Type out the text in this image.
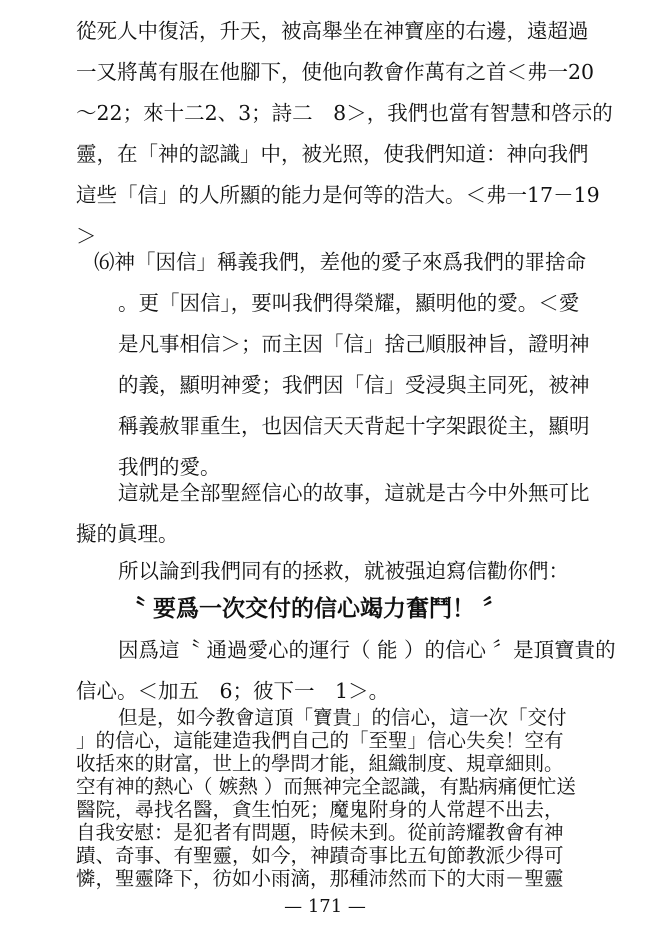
從死人中復活，升天，被高舉坐在神寶座的右邊，遠超過
一又將萬有服在他腳下，使他向教會作萬有之首＜弗一20
～22；來十二2、3；詩二　8＞，我們也當有智慧和啓示的
靈，在「神的認識」中，被光照，使我們知道：神向我們
這些「信」的人所顯的能力是何等的浩大。＜弗一17－19
＞
⑹神「因信」稱義我們，差他的愛子來爲我們的罪捨命
。更「因信」，要叫我們得榮耀，顯明他的愛。＜愛
是凡事相信＞；而主因「信」捨己順服神旨，證明神
的義，顯明神愛；我們因「信」受浸與主同死，被神
稱義赦罪重生，也因信天天背起十字架跟從主，顯明
我們的愛。
這就是全部聖經信心的故事，這就是古今中外無可比
擬的眞理。
所以論到我們同有的拯救，就被强迫寫信勸你們：
〝 要爲一次交付的信心竭力奮鬥！ 〞
因爲這〝 通過愛心的運行（ 能 ）的信心 〞是頂寶貴的
信心。＜加五　6；彼下一　1＞。
但是，如今教會這頂「寶貴」的信心，這一次「交付
」的信心，這能建造我們自己的「至聖」信心失矣！空有
收括來的財富，世上的學問才能，組織制度、規章細則。
空有神的熱心（ 嫉熱 ）而無神完全認識，有點病痛便忙送
— 171 —
醫院，尋找名醫，貪生怕死；魔鬼附身的人常趕不出去，
自我安慰：是犯者有問題，時候未到。從前誇耀教會有神
蹟、奇事、有聖靈，如今，神蹟奇事比五旬節教派少得可
憐，聖靈降下，彷如小雨滴，那種沛然而下的大雨－聖靈
